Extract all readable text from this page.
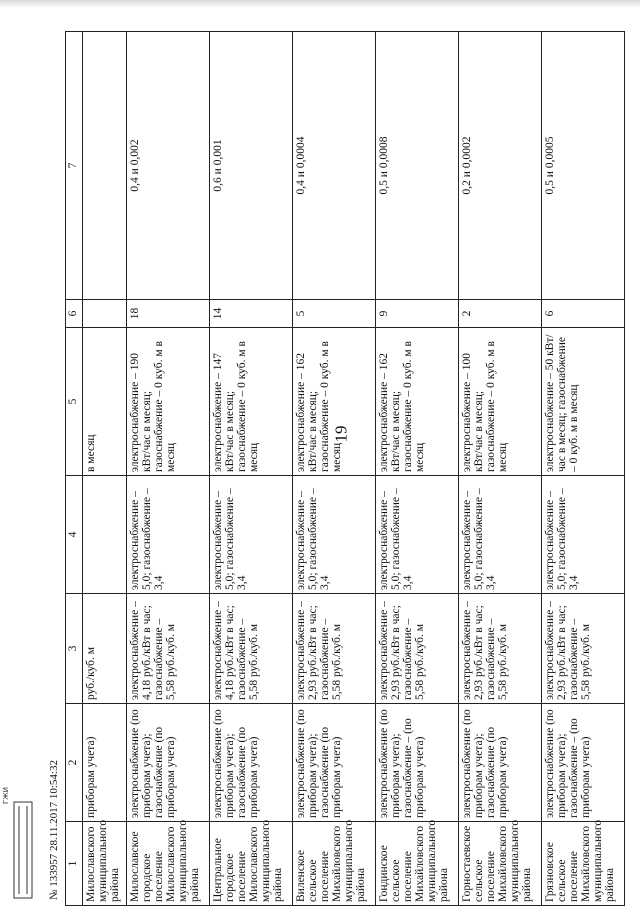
19
1	2	3	4	5	6	7
Милославского муниципального района	приборам учета)	руб./куб. м		в месяц		
Милославское городское поселение Милославского муниципального района	электроснабжение (по приборам учета); газоснабжение (по приборам учета)	электроснабжение – 4,18 руб./кВт в час; газоснабжение – 5,58 руб./куб. м	электроснабжение – 5,0; газоснабжение – 3,4	электроснабжение – 190 кВт/час в месяц; газоснабжение – 0 куб. м в месяц	18	0,4 и 0,002
Центральное городское поселение Милославского муниципального района	электроснабжение (по приборам учета); газоснабжение (по приборам учета)	электроснабжение – 4,18 руб./кВт в час; газоснабжение – 5,58 руб./куб. м	электроснабжение – 5,0; газоснабжение – 3,4	электроснабжение – 147 кВт/час в месяц; газоснабжение – 0 куб. м в месяц	14	0,6 и 0,001
Виленское сельское поселение Михайловского муниципального района	электроснабжение (по приборам учета); газоснабжение (по приборам учета)	электроснабжение – 2,93 руб./кВт в час; газоснабжение – 5,58 руб./куб. м	электроснабжение – 5,0; газоснабжение – 3,4	электроснабжение – 162 кВт/час в месяц; газоснабжение – 0 куб. м в месяц	5	0,4 и 0,0004
Гондинское сельское поселение Михайловского муниципального района	электроснабжение (по приборам учета); газоснабжение – (по приборам учета)	электроснабжение – 2,93 руб./кВт в час; газоснабжение – 5,58 руб./куб. м	электроснабжение – 5,0; газоснабжение – 3,4	электроснабжение – 162 кВт/час в месяц; газоснабжение – 0 куб. м в месяц	9	0,5 и 0,0008
Горностаевское сельское поселение Михайловского муниципального района	электроснабжение (по приборам учета); газоснабжение (по приборам учета)	электроснабжение – 2,93 руб./кВт в час; газоснабжение – 5,58 руб./куб. м	электроснабжение – 5,0; газоснабжение – 3,4	электроснабжение – 100 кВт/час в месяц; газоснабжение – 0 куб. м в месяц	2	0,2 и 0,0002
Грязновское сельское поселение Михайловского муниципального района	электроснабжение (по приборам учета); газоснабжение – (по приборам учета)	электроснабжение – 2,93 руб./кВт в час; газоснабжение – 5,58 руб./куб. м	электроснабжение – 5,0; газоснабжение – 3,4	электроснабжение – 50 кВт/час в месяц; газоснабжение – 0 куб. м в месяц	6	0,5 и 0,0005
ГЖИ	№ 133957 28.11.2017 10:54:32
